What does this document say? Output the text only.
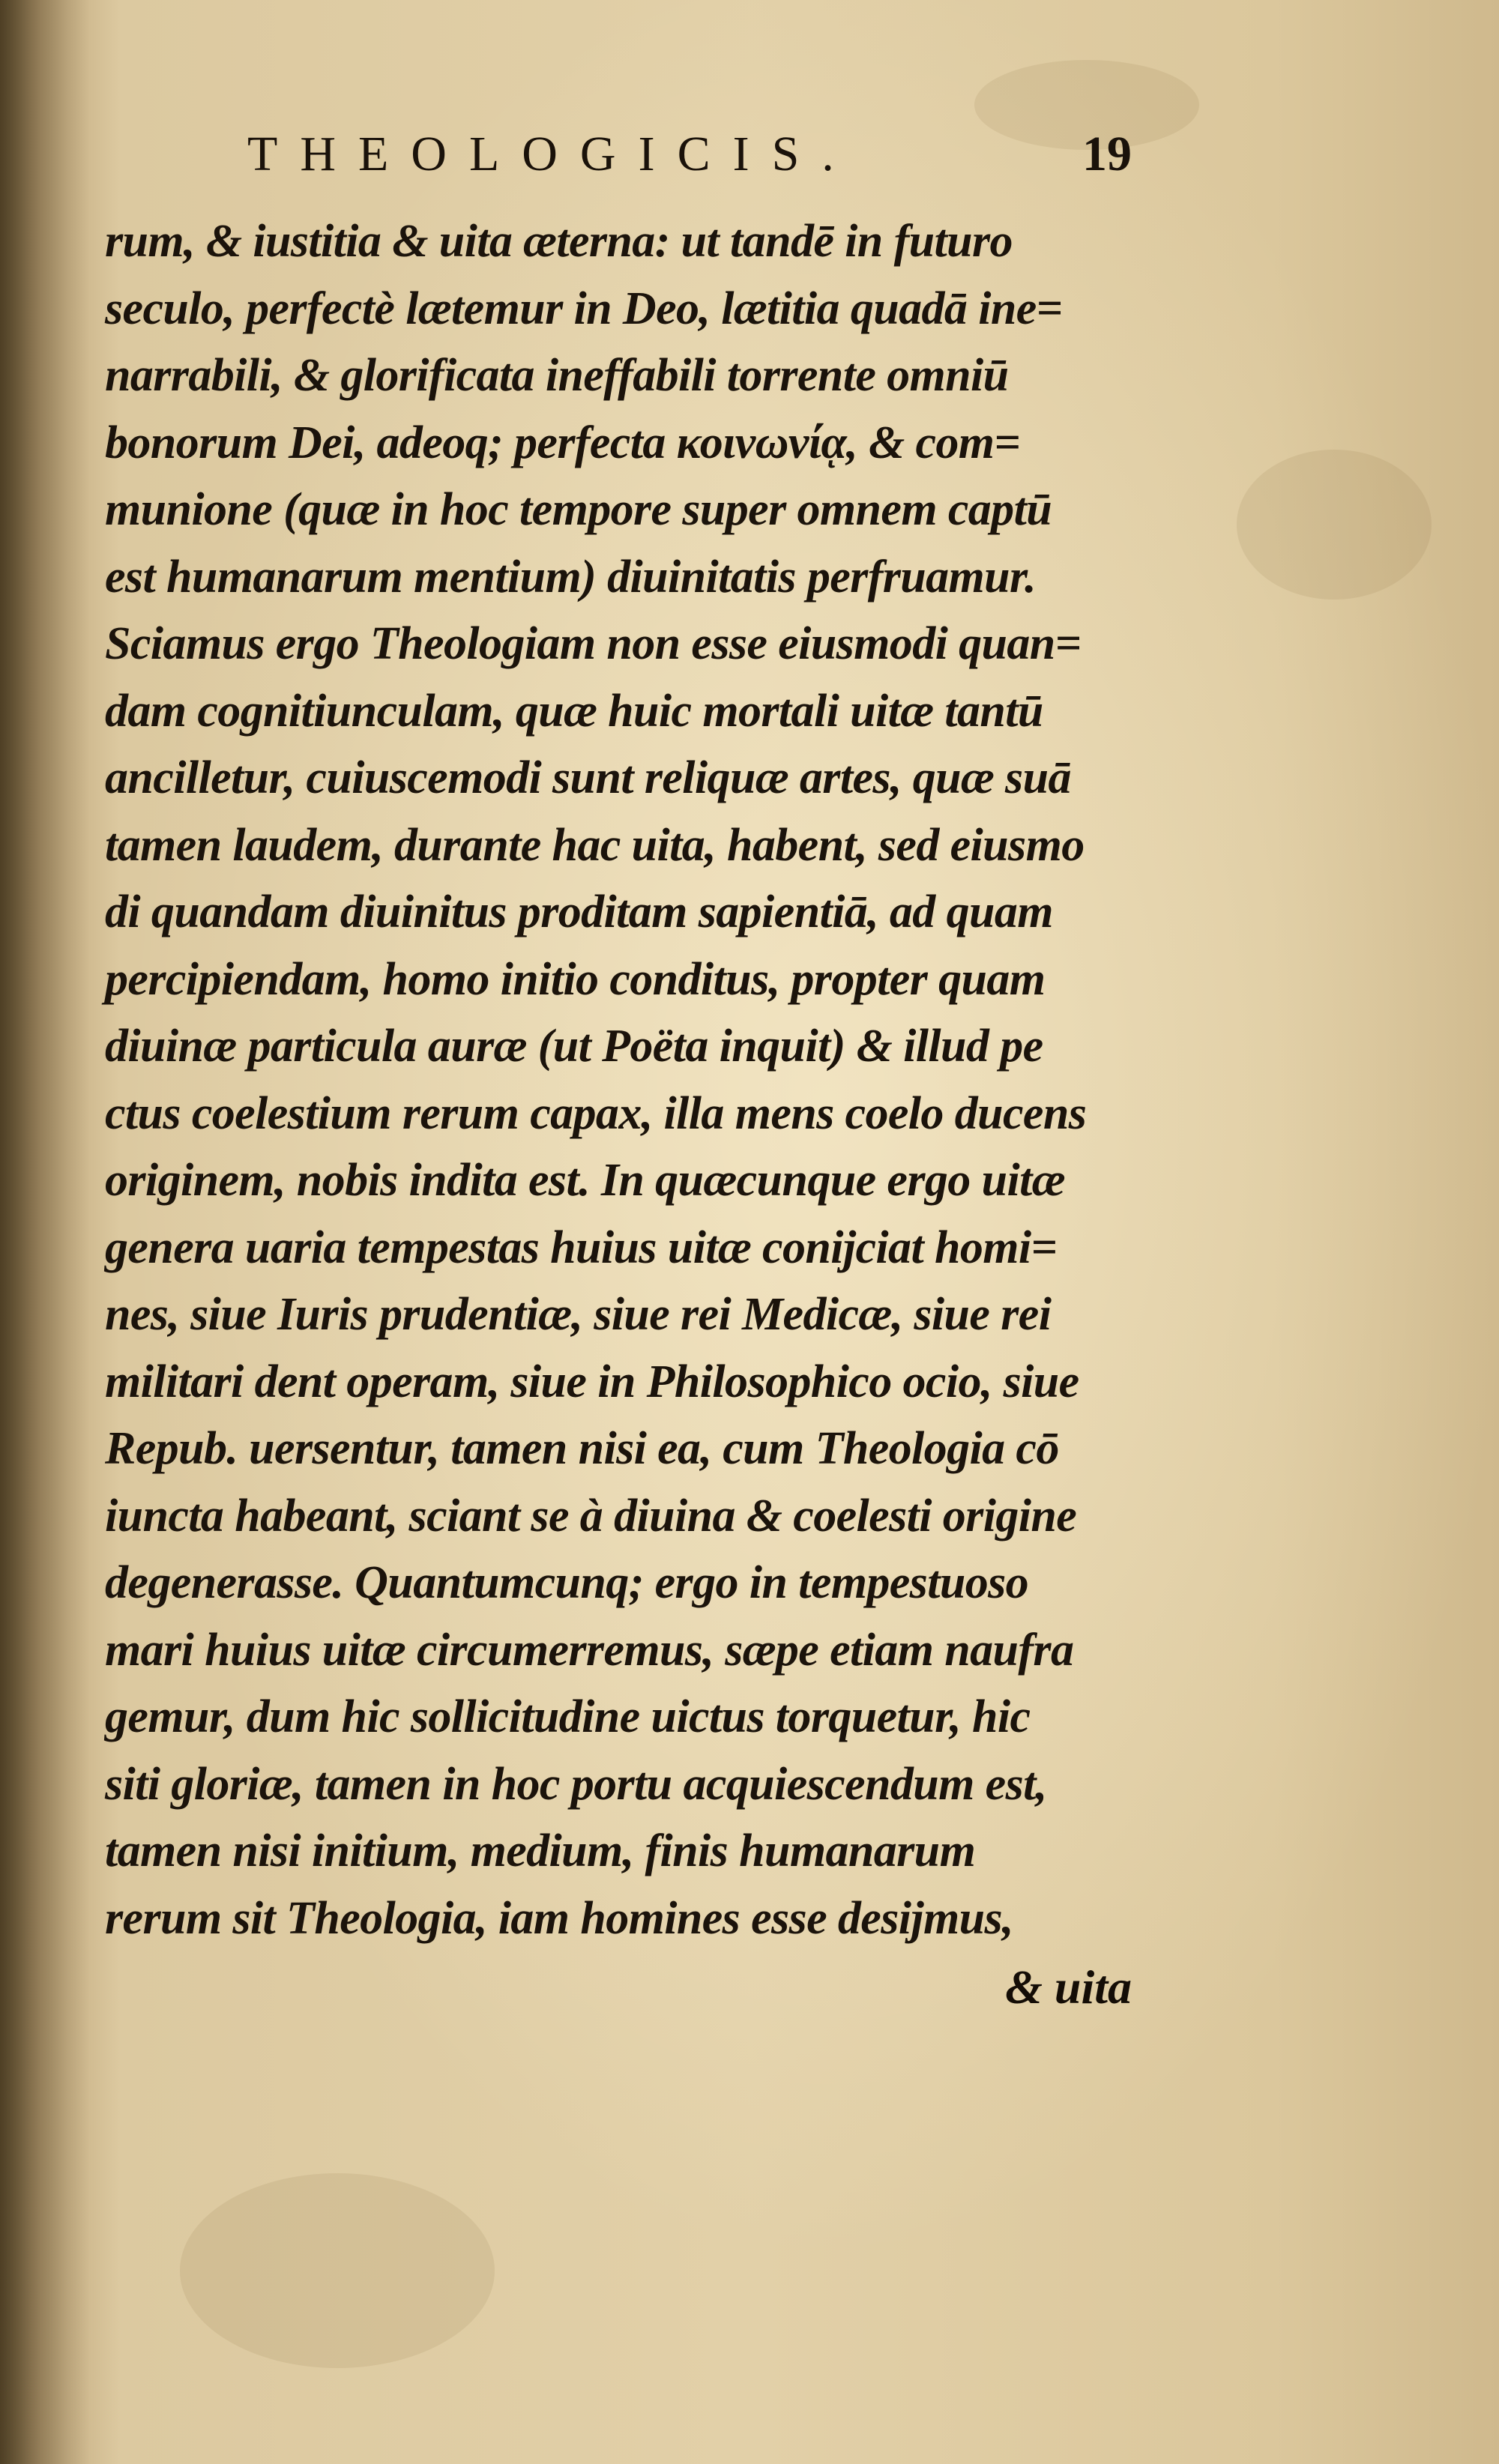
THEOLOGICIS.	19
rum, & iustitia & uita æterna: ut tandē in futuro
seculo, perfectè lætemur in Deo, lætitia quadā ine=
narrabili, & glorificata ineffabili torrente omniū
bonorum Dei, adeoq; perfecta κοινωνίᾳ, & com=
munione (quæ in hoc tempore super omnem captū
est humanarum mentium) diuinitatis perfruamur.
Sciamus ergo Theologiam non esse eiusmodi quan=
dam cognitiunculam, quæ huic mortali uitæ tantū
ancilletur, cuiuscemodi sunt reliquæ artes, quæ suā
tamen laudem, durante hac uita, habent, sed eiusmo
di quandam diuinitus proditam sapientiā, ad quam
percipiendam, homo initio conditus, propter quam
diuinæ particula auræ (ut Poëta inquit) & illud pe
ctus coelestium rerum capax, illa mens coelo ducens
originem, nobis indita est. In quæcunque ergo uitæ
genera uaria tempestas huius uitæ conijciat homi=
nes, siue Iuris prudentiæ, siue rei Medicæ, siue rei
militari dent operam, siue in Philosophico ocio, siue
Repub. uersentur, tamen nisi ea, cum Theologia cō
iuncta habeant, sciant se à diuina & coelesti origine
degenerasse. Quantumcunq; ergo in tempestuoso
mari huius uitæ circumerremus, sæpe etiam naufra
gemur, dum hic sollicitudine uictus torquetur, hic
siti gloriæ, tamen in hoc portu acquiescendum est,
tamen nisi initium, medium, finis humanarum
rerum sit Theologia, iam homines esse desijmus,
& uita
